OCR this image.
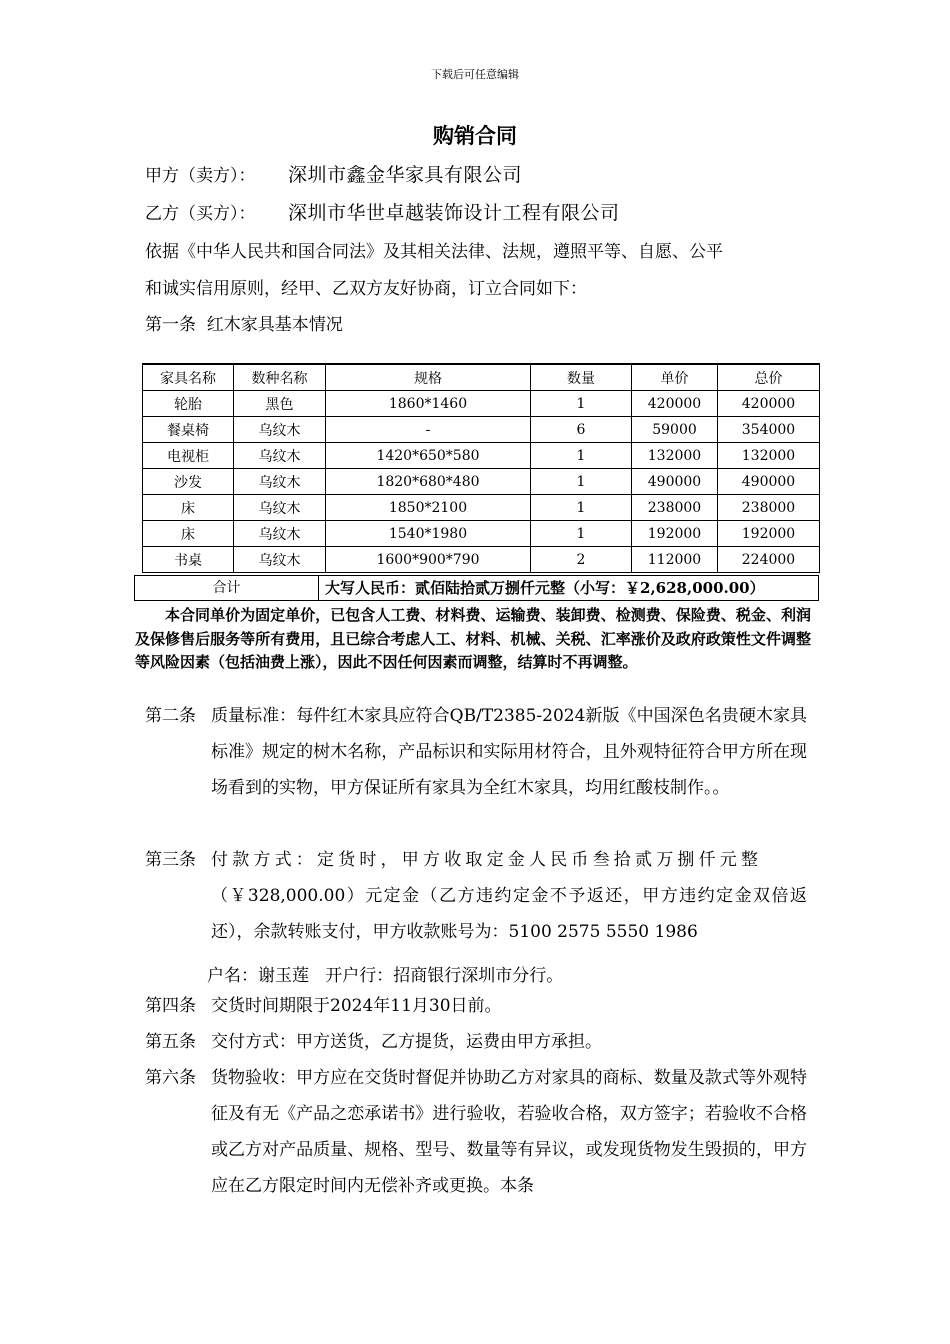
下载后可任意编辑
购销合同
甲方（卖方）： 深圳市鑫金华家具有限公司
乙方（买方）： 深圳市华世卓越装饰设计工程有限公司
依据《中华人民共和国合同法》及其相关法律、法规，遵照平等、自愿、公平
和诚实信用原则，经甲、乙双方友好协商，订立合同如下：
第一条  红木家具基本情况
家具名称	数种名称	规格	数量	单价	总价
轮胎	黑色	1860*1460	1	420000	420000
餐桌椅	乌纹木	-	6	59000	354000
电视柜	乌纹木	1420*650*580	1	132000	132000
沙发	乌纹木	1820*680*480	1	490000	490000
床	乌纹木	1850*2100	1	238000	238000
床	乌纹木	1540*1980	1	192000	192000
书桌	乌纹木	1600*900*790	2	112000	224000
合计	大写人民币：贰佰陆拾贰万捌仟元整（小写：￥2,628,000.00）
本合同单价为固定单价，已包含人工费、材料费、运输费、装卸费、检测费、保险费、税金、利润及保修售后服务等所有费用，且已综合考虑人工、材料、机械、关税、汇率涨价及政府政策性文件调整等风险因素（包括油费上涨），因此不因任何因素而调整，结算时不再调整。
第二条 质量标准：每件红木家具应符合QB/T2385-2024新版《中国深色名贵硬木家具标准》规定的树木名称，产品标识和实际用材符合，且外观特征符合甲方所在现场看到的实物，甲方保证所有家具为全红木家具，均用红酸枝制作。。
第三条 付款方式：定货时，甲方收取定金人民币叁拾贰万捌仟元整
（￥328,000.00）元定金（乙方违约定金不予返还，甲方违约定金双倍返还），余款转账支付，甲方收款账号为：5100 2575 5550 1986
户名：谢玉莲   开户行：招商银行深圳市分行。
第四条 交货时间期限于2024年11月30日前。
第五条 交付方式：甲方送货，乙方提货，运费由甲方承担。
第六条 货物验收：甲方应在交货时督促并协助乙方对家具的商标、数量及款式等外观特征及有无《产品之恋承诺书》进行验收，若验收合格，双方签字；若验收不合格或乙方对产品质量、规格、型号、数量等有异议，或发现货物发生毁损的，甲方应在乙方限定时间内无偿补齐或更换。本条
